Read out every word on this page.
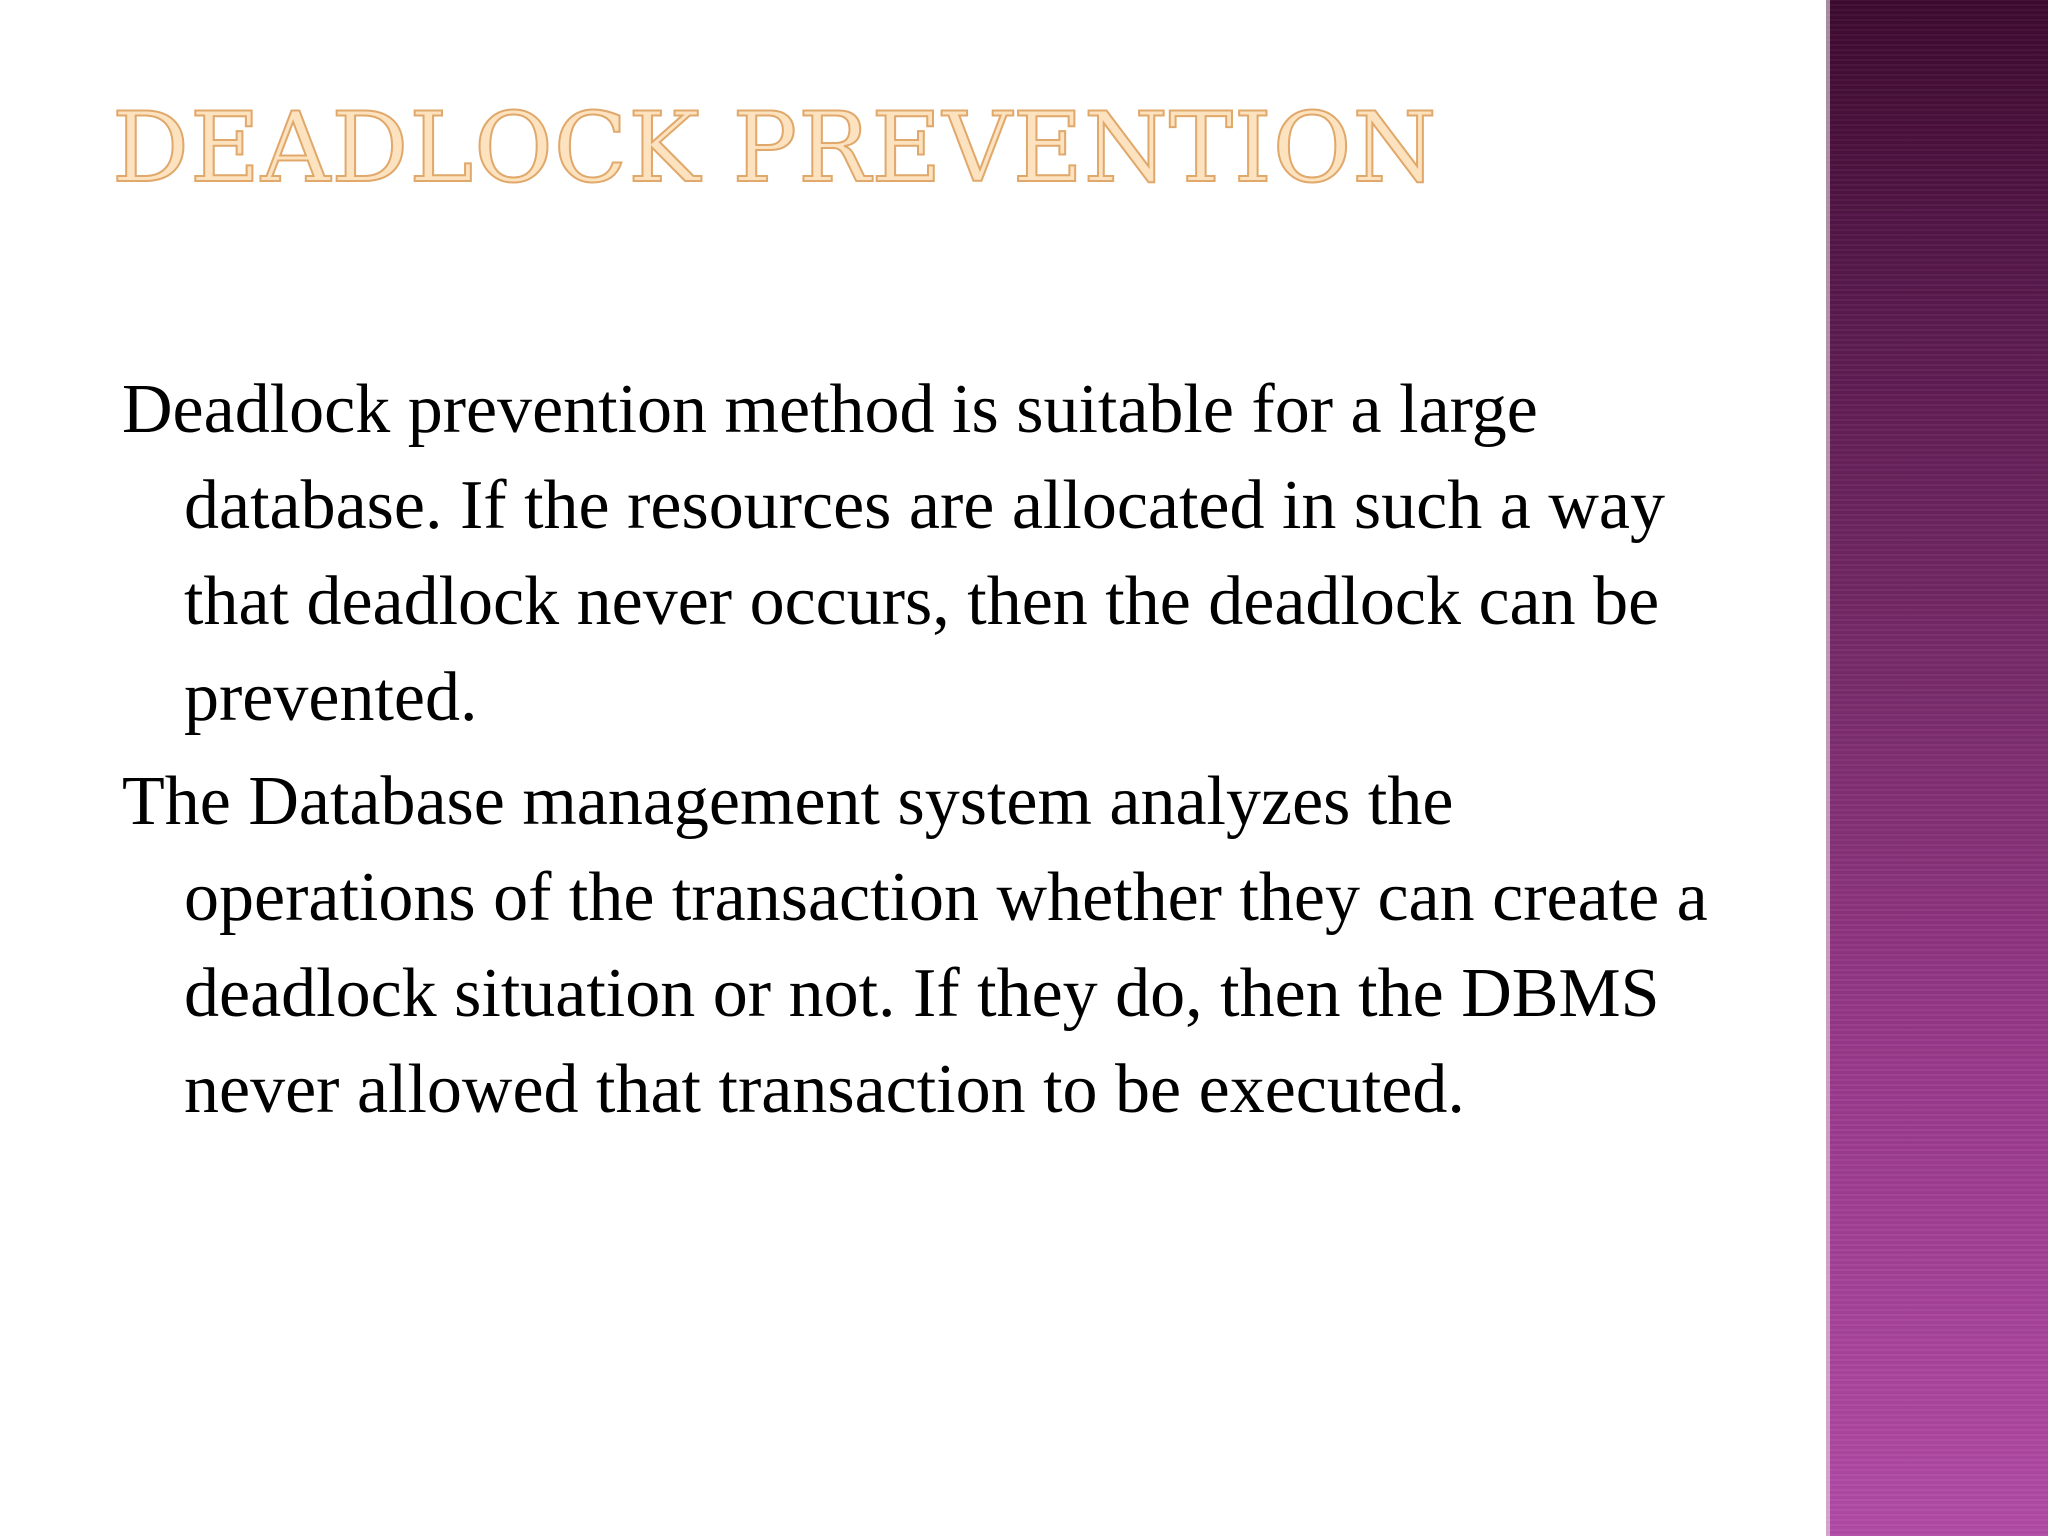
DEADLOCK PREVENTION

Deadlock prevention method is suitable for a large database. If the resources are allocated in such a way that deadlock never occurs, then the deadlock can be prevented.

The Database management system analyzes the operations of the transaction whether they can create a deadlock situation or not. If they do, then the DBMS never allowed that transaction to be executed.
